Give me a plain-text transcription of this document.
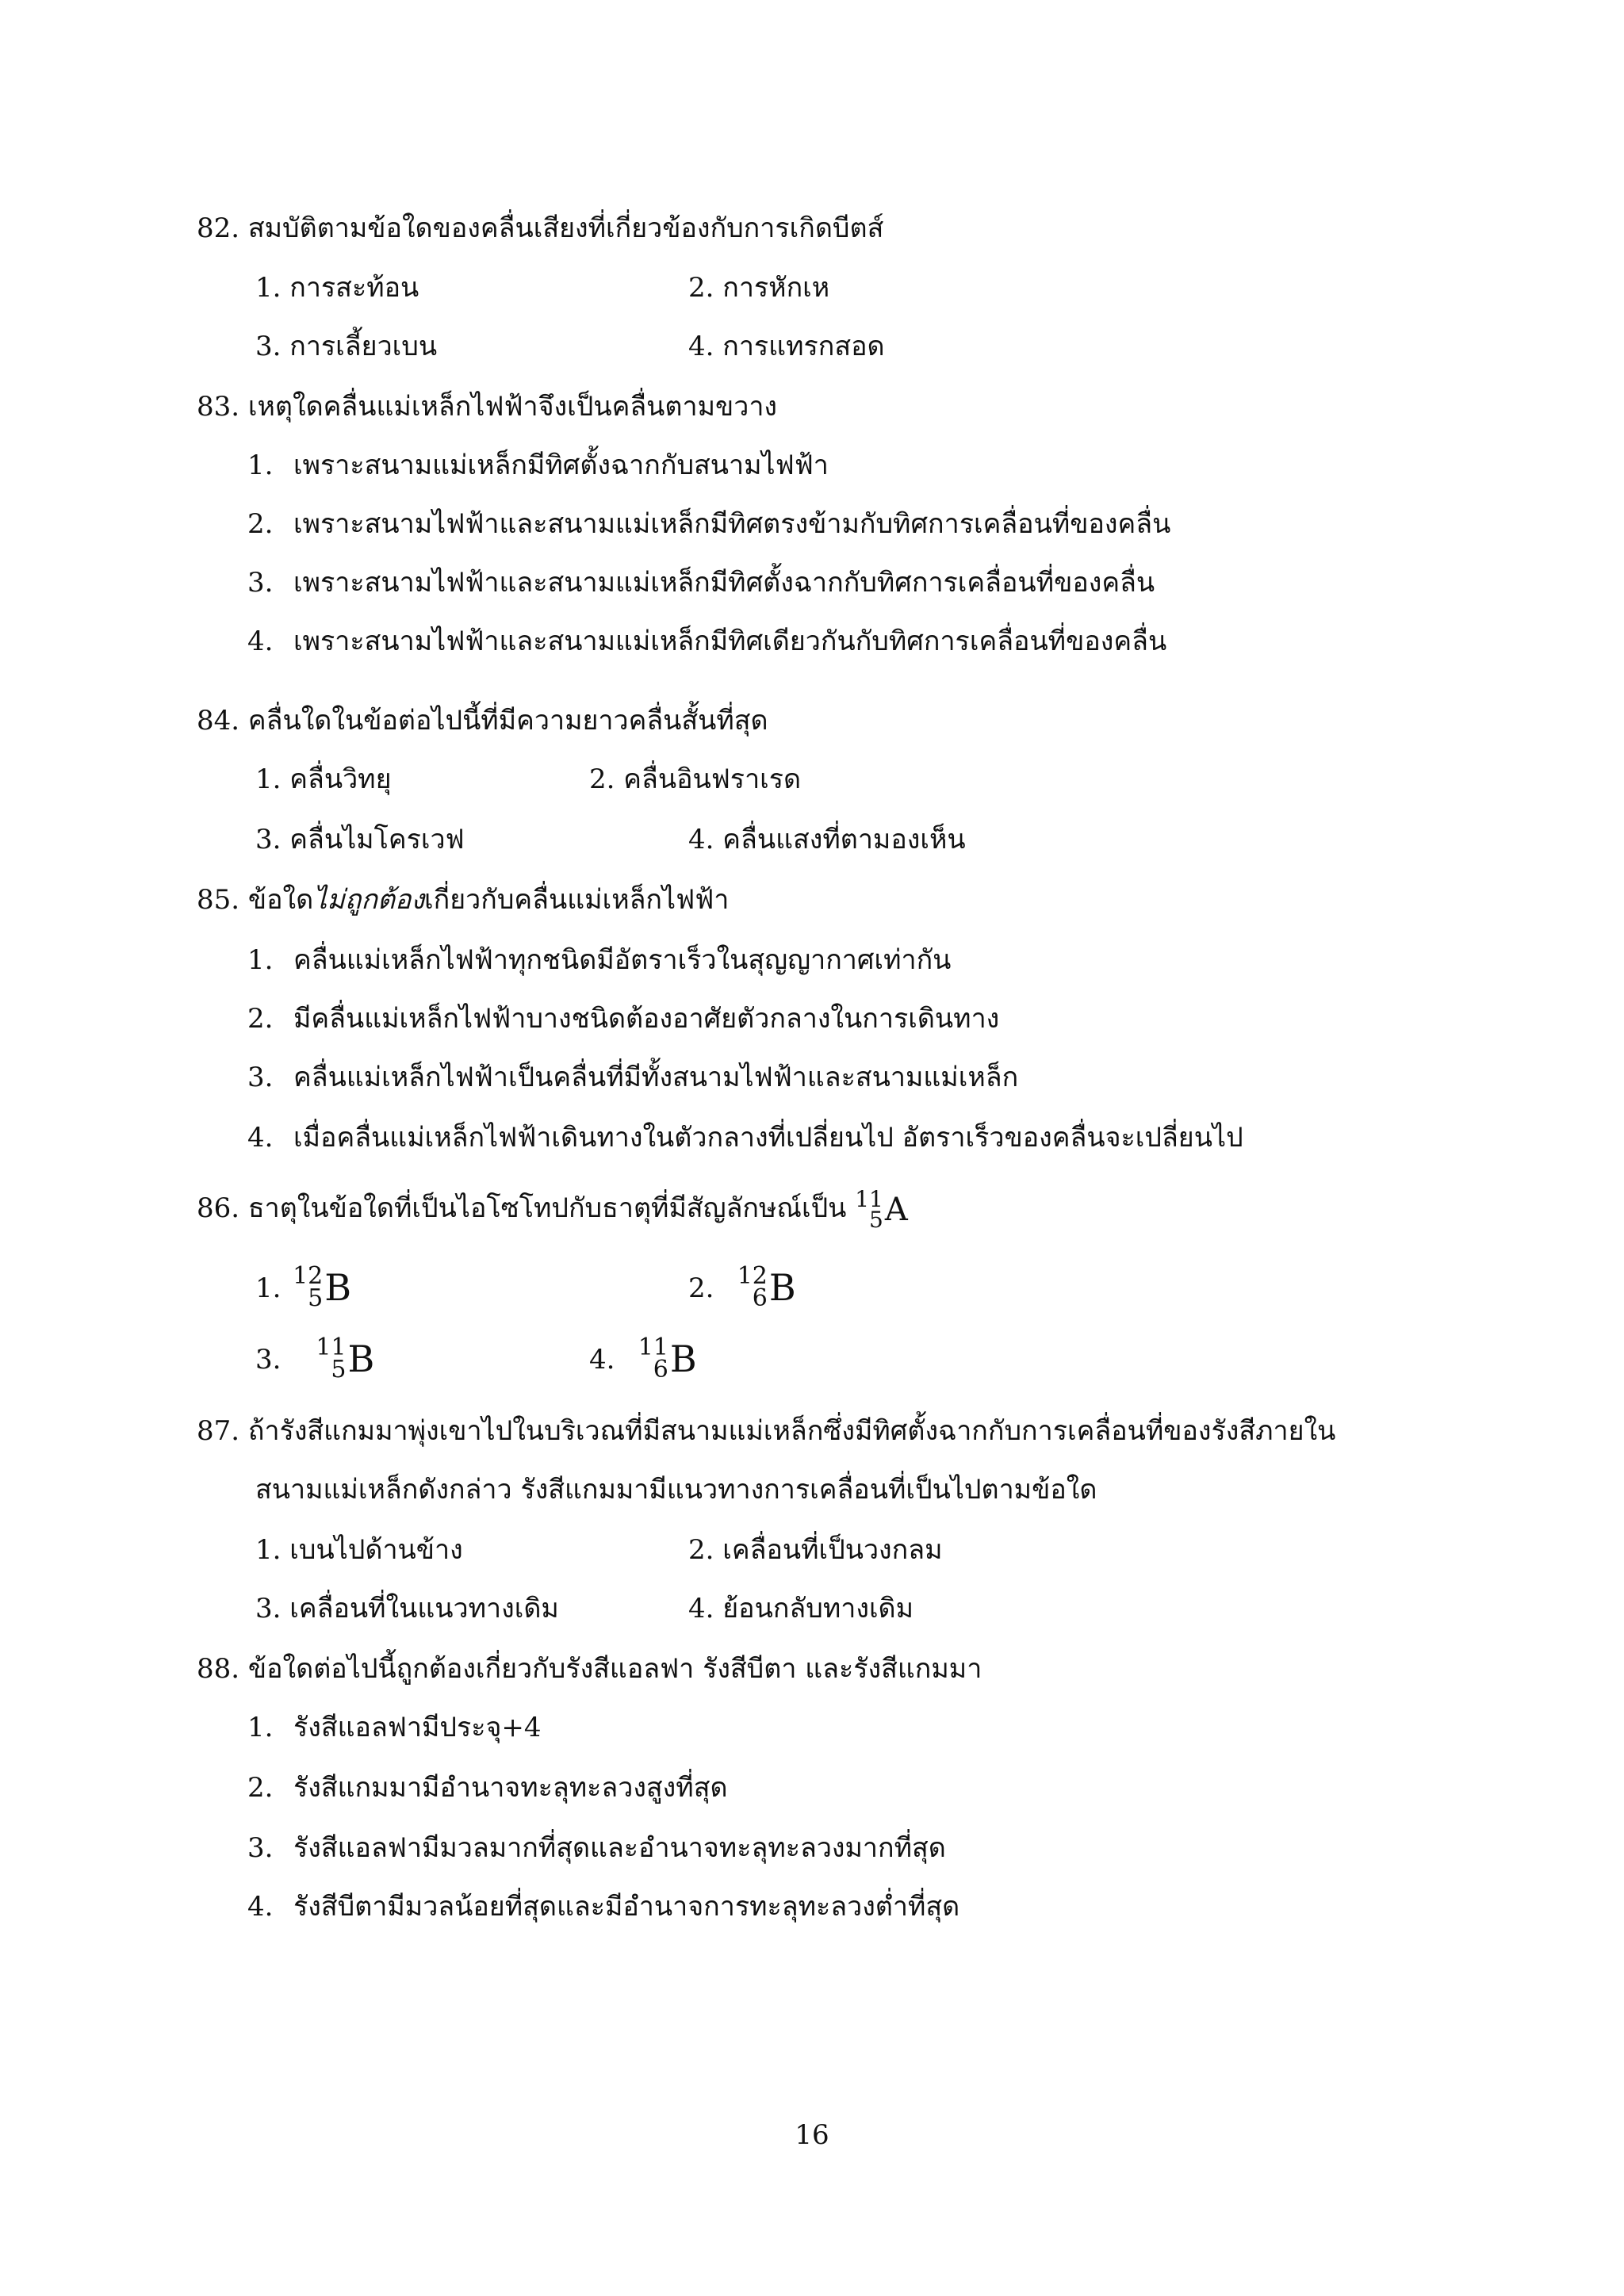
82. สมบัติตามข้อใดของคลื่นเสียงที่เกี่ยวข้องกับการเกิดบีตส์
1. การสะท้อน	2. การหักเห
3. การเลี้ยวเบน	4. การแทรกสอด
83. เหตุใดคลื่นแม่เหล็กไฟฟ้าจึงเป็นคลื่นตามขวาง
1. เพราะสนามแม่เหล็กมีทิศตั้งฉากกับสนามไฟฟ้า
2. เพราะสนามไฟฟ้าและสนามแม่เหล็กมีทิศตรงข้ามกับทิศการเคลื่อนที่ของคลื่น
3. เพราะสนามไฟฟ้าและสนามแม่เหล็กมีทิศตั้งฉากกับทิศการเคลื่อนที่ของคลื่น
4. เพราะสนามไฟฟ้าและสนามแม่เหล็กมีทิศเดียวกันกับทิศการเคลื่อนที่ของคลื่น
84. คลื่นใดในข้อต่อไปนี้ที่มีความยาวคลื่นสั้นที่สุด
1. คลื่นวิทยุ	2. คลื่นอินฟราเรด
3. คลื่นไมโครเวฟ	4. คลื่นแสงที่ตามองเห็น
85. ข้อใดไม่ถูกต้องเกี่ยวกับคลื่นแม่เหล็กไฟฟ้า
1. คลื่นแม่เหล็กไฟฟ้าทุกชนิดมีอัตราเร็วในสุญญากาศเท่ากัน
2. มีคลื่นแม่เหล็กไฟฟ้าบางชนิดต้องอาศัยตัวกลางในการเดินทาง
3. คลื่นแม่เหล็กไฟฟ้าเป็นคลื่นที่มีทั้งสนามไฟฟ้าและสนามแม่เหล็ก
4. เมื่อคลื่นแม่เหล็กไฟฟ้าเดินทางในตัวกลางที่เปลี่ยนไป อัตราเร็วของคลื่นจะเปลี่ยนไป
86. ธาตุในข้อใดที่เป็นไอโซโทปกับธาตุที่มีสัญลักษณ์เป็น 11
5 A
1. 12
5 B	2. 12
6 B
3. 11
5 B	4. 11
6 B
87. ถ้ารังสีแกมมาพุ่งเขาไปในบริเวณที่มีสนามแม่เหล็กซึ่งมีทิศตั้งฉากกับการเคลื่อนที่ของรังสีภายใน
สนามแม่เหล็กดังกล่าว รังสีแกมมามีแนวทางการเคลื่อนที่เป็นไปตามข้อใด
1. เบนไปด้านข้าง	2. เคลื่อนที่เป็นวงกลม
3. เคลื่อนที่ในแนวทางเดิม	4. ย้อนกลับทางเดิม
88. ข้อใดต่อไปนี้ถูกต้องเกี่ยวกับรังสีแอลฟา รังสีบีตา และรังสีแกมมา
1. รังสีแอลฟามีประจุ+4
2. รังสีแกมมามีอำนาจทะลุทะลวงสูงที่สุด
3. รังสีแอลฟามีมวลมากที่สุดและอำนาจทะลุทะลวงมากที่สุด
4. รังสีบีตามีมวลน้อยที่สุดและมีอำนาจการทะลุทะลวงต่ำที่สุด
16
